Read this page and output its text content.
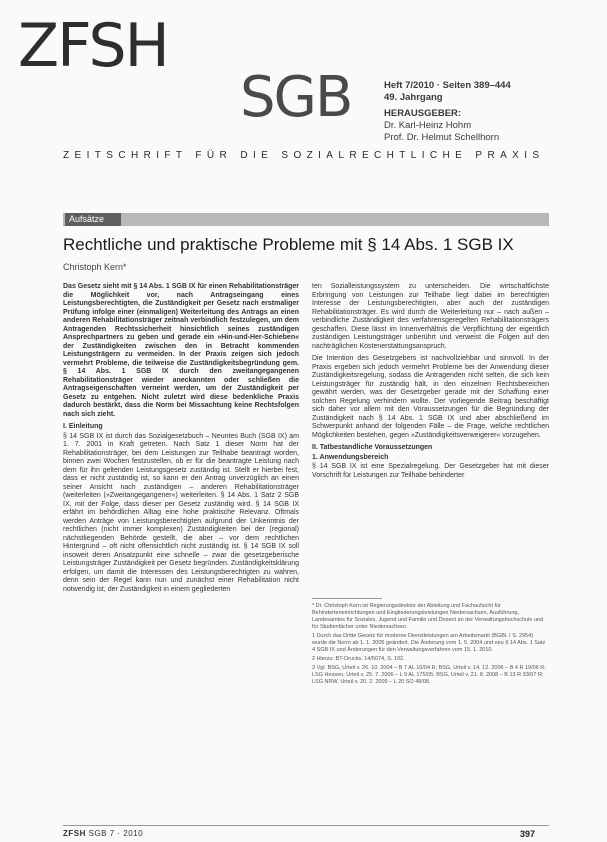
ZFSH
SGB	Heft 7/2010 · Seiten 389–444
49. Jahrgang
HERAUSGEBER:
Dr. Karl-Heinz Hohm
Prof. Dr. Helmut Schellhorn
ZEITSCHRIFT FÜR DIE SOZIALRECHTLICHE PRAXIS
Aufsätze
Rechtliche und praktische Probleme mit § 14 Abs. 1 SGB IX
Christoph Kern*

Das Gesetz sieht mit § 14 Abs. 1 SGB IX für einen Rehabilitationsträger die Möglichkeit vor, nach Antragseingang eines Leistungsberechtigten, die Zuständigkeit per Gesetz nach erstmaliger Prüfung infolge einer (einmaligen) Weiterleitung des Antrags an einen anderen Rehabilitationsträger zeitnah verbindlich festzulegen, um dem Antragenden Rechtssicherheit hinsichtlich seines zuständigen Ansprechpartners zu geben und gerade ein »Hin-und-Her-Schieben« der Zuständigkeiten zwischen den in Betracht kommenden Leistungsträgern zu vermeiden. In der Praxis zeigen sich jedoch vermehrt Probleme, die teilweise die Zuständigkeitsbegründung gem. § 14 Abs. 1 SGB IX durch den zweitangegangenen Rehabilitationsträger wieder aneckannten oder schließen die Antragseigenschaften verneint werden, um der Zuständigkeit per Gesetz zu entgehen. Nicht zuletzt wird diese bedenkliche Praxis dadurch bestärkt, dass die Norm bei Missachtung keine Rechtsfolgen nach sich zieht.

I. Einleitung

§ 14 SGB IX ist durch das Sozialgesetzbuch – Neuntes Buch (SGB IX) am 1. 7. 2001 in Kraft getreten. Nach Satz 1 dieser Norm hat der Rehabilitationsträger, bei dem Leistungen zur Teilhabe beantragt worden, binnen zwei Wochen festzustellen, ob er für die beantragte Leistung nach dem für ihn geltenden Leistungsgesetz zuständig ist. Stellt er hierbei fest, dass er nicht zuständig ist, so kann er den Antrag unverzüglich an einen seiner Ansicht nach zuständigen – anderen Rehabilitationsträger (weiterleiten (»Zweitangegangener«) weiterleiten. § 14 Abs. 1 Satz 2 SGB IX, mit der Folge, dass dieser per Gesetz zuständig wird. § 14 SGB IX erfährt im behördlichen Alltag eine hohe praktische Relevanz. Oftmals werden Anträge von Leistungsberechtigten aufgrund der Unkenntnis der rechtlichen (nicht immer komplexen) Zuständigkeiten bei der (regional) nächstliegenden Behörde gestellt, die aber – vor dem rechtlichen Hintergrund – oft nicht offensichtlich nicht zuständig ist. § 14 SGB IX soll insoweit deren Ansatzpunkt eine schnelle – zwar die gesetzgeberische Leistungsträger Zuständigkeit per Gesetz begründen. Zuständigkeitsklärung erfolgen, um damit die Interessen des Leistungsberechtigten zu wahren, denn sein der Regel kann nun und zunächst einer Rehabilitation nicht notwendig ist, der Zuständigkeit in einem gegliederten

ten Sozialleistungssystem zu unterscheiden. Die wirtschaftlichste Erbringung von Leistungen zur Teilhabe liegt dabei im berechtigten Interesse der Leistungsberechtigten, aber auch der zuständigen Rehabilitationsträger. Es wird durch die Weiterleitung nur – nach außen – verbindliche Zuständigkeit des verfahrensgeregelten Rehabilitationsträgers geschaffen. Diese lässt im Innenverhältnis die Verpflichtung der eigentlich zuständigen Leistungsträger unberührt und verweist die Folgen auf den nachträglichen Kostenerstattungsanspruch.

Die Intention des Gesetzgebers ist nachvollziehbar und sinnvoll. In der Praxis ergeben sich jedoch vermehrt Probleme bei der Anwendung dieser Zuständigkeitsregelung, sodass die Antragenden nicht selten, die sich kein Leistungsträger für zuständig hält, in den einzelnen Rechtsbereichen gewährt werden, was der Gesetzgeber gerade mit der Schaffung einer solchen Regelung verhindern wollte. Der vorliegende Beitrag beschäftigt sich daher vor allem mit den Voraussetzungen für die Begründung der Zuständigkeit nach § 14 Abs. 1 SGB IX und aber abschließend im Schwerpunkt anhand der folgenden Fälle – die Frage, welche rechtlichen Möglichkeiten bestehen, gegen »Zuständigkeitsverweigerer« vorzugehen.

II. Tatbestandliche Voraussetzungen
1. Anwendungsbereich

§ 14 SGB IX ist eine Spezialregelung. Der Gesetzgeber hat mit dieser Vorschrift für Leistungen zur Teilhabe behinderter

* Dr. Christoph Kern ist Regierungsdirektor der Abteilung und Fachaufsicht für Behinderteneinrichtungen und Eingliederungsleistungen Niedersachsen, Ausführung, Landesamtes für Soziales, Jugend und Familie und Dozent an der Verwaltungshochschule und für Studienfächer unter Niedersachsen.

1 Durch das Dritte Gesetz für moderne Dienstleistungen am Arbeitsmarkt (BGBl. I S. 2954) wurde die Norm ab 1. 1. 2005 geändert. Die Änderung vom 1. 5. 2004 und neu § 14 Abs. 1 Satz 4 SGB IX und Änderungen für den Verwaltungsverfahren vom 15. 1. 2010.

2 Hierzu: BT-Drucks. 14/5074, S. 102.

3 Vgl. BSG, Urteil v. 26. 10. 2004 – B 7 AL 16/04 R; BSG, Urteil v. 14. 12. 2006 – B 4 R 19/06 R; LSG Hessen, Urteil v. 25. 7. 2006 – L 9 AL 175/05; BSG, Urteil v. 21. 8. 2008 – B 13 R 33/07 R; LSG NRW, Urteil v. 20. 2. 2009 – L 20 SO 48/08.

ZFSH SGB 7 · 2010	397
